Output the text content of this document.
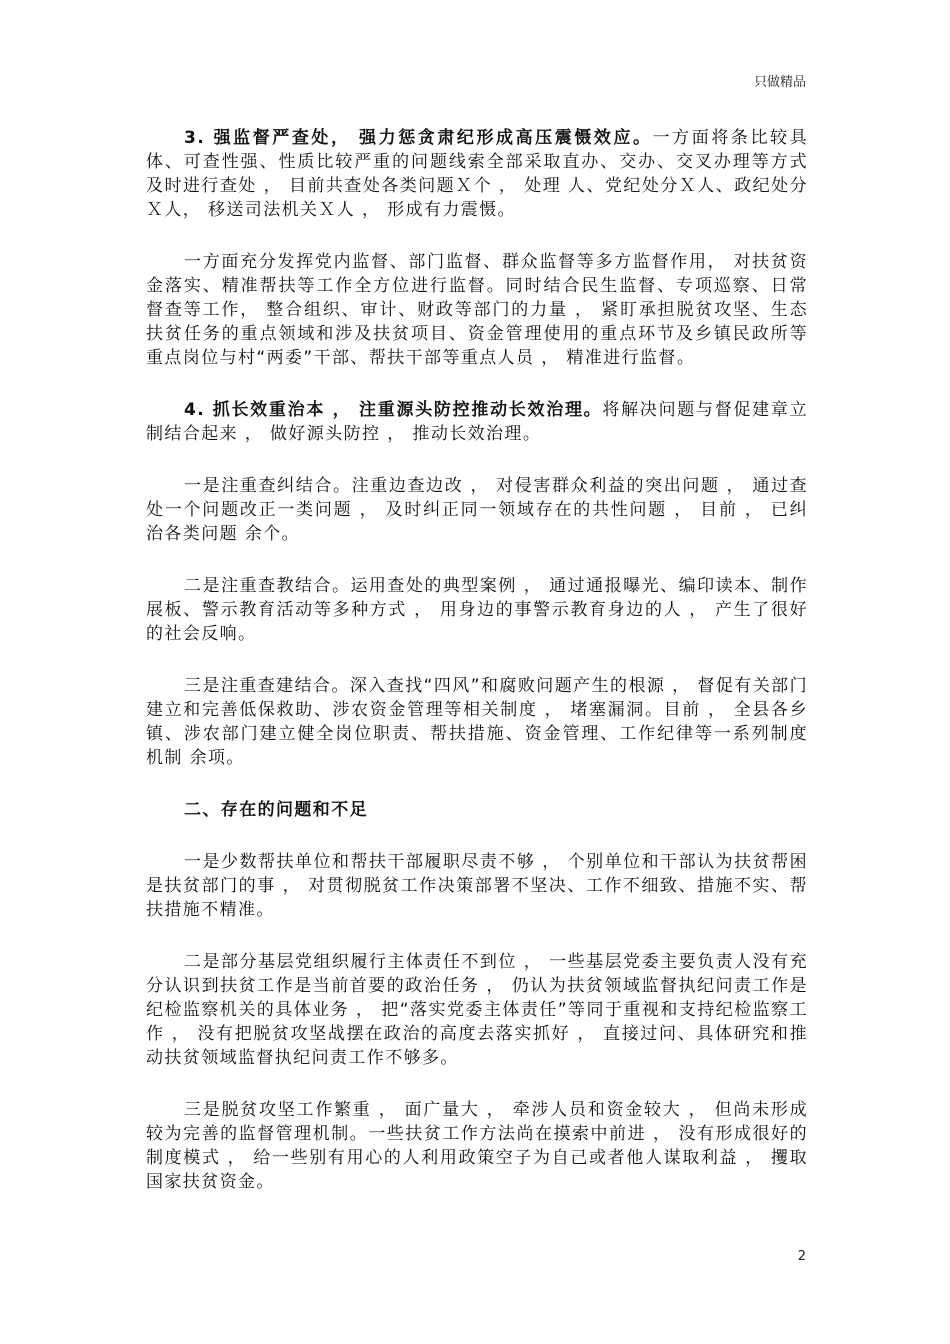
只做精品

3. 强监督严查处， 强力惩贪肃纪形成高压震慑效应。一方面将条比较具体、可查性强、性质比较严重的问题线索全部采取直办、交办、交叉办理等方式及时进行查处 ， 目前共查处各类问题Ｘ个 ， 处理 人、党纪处分Ｘ人、政纪处分Ｘ人， 移送司法机关Ｘ人 ， 形成有力震慑。

一方面充分发挥党内监督、部门监督、群众监督等多方监督作用， 对扶贫资金落实、精准帮扶等工作全方位进行监督。同时结合民生监督、专项巡察、日常督查等工作， 整合组织、审计、财政等部门的力量 ， 紧盯承担脱贫攻坚、生态扶贫任务的重点领域和涉及扶贫项目、资金管理使用的重点环节及乡镇民政所等重点岗位与村“两委”干部、帮扶干部等重点人员 ， 精准进行监督。

4. 抓长效重治本 ， 注重源头防控推动长效治理。将解决问题与督促建章立制结合起来 ， 做好源头防控 ， 推动长效治理。

一是注重查纠结合。注重边查边改 ， 对侵害群众利益的突出问题 ， 通过查处一个问题改正一类问题 ， 及时纠正同一领域存在的共性问题 ， 目前 ， 已纠治各类问题 余个。

二是注重查教结合。运用查处的典型案例 ， 通过通报曝光、编印读本、制作展板、警示教育活动等多种方式 ， 用身边的事警示教育身边的人 ， 产生了很好的社会反响。

三是注重查建结合。深入查找“四风”和腐败问题产生的根源 ， 督促有关部门建立和完善低保救助、涉农资金管理等相关制度 ， 堵塞漏洞。目前 ， 全县各乡镇、涉农部门建立健全岗位职责、帮扶措施、资金管理、工作纪律等一系列制度机制 余项。

二、存在的问题和不足

一是少数帮扶单位和帮扶干部履职尽责不够 ， 个别单位和干部认为扶贫帮困是扶贫部门的事 ， 对贯彻脱贫工作决策部署不坚决、工作不细致、措施不实、帮扶措施不精准。

二是部分基层党组织履行主体责任不到位 ， 一些基层党委主要负责人没有充分认识到扶贫工作是当前首要的政治任务 ， 仍认为扶贫领域监督执纪问责工作是纪检监察机关的具体业务 ， 把“落实党委主体责任”等同于重视和支持纪检监察工作 ， 没有把脱贫攻坚战摆在政治的高度去落实抓好 ， 直接过问、具体研究和推动扶贫领域监督执纪问责工作不够多。

三是脱贫攻坚工作繁重 ， 面广量大 ， 牵涉人员和资金较大 ， 但尚未形成较为完善的监督管理机制。一些扶贫工作方法尚在摸索中前进 ， 没有形成很好的制度模式 ， 给一些别有用心的人利用政策空子为自己或者他人谋取利益 ， 攫取国家扶贫资金。

2
